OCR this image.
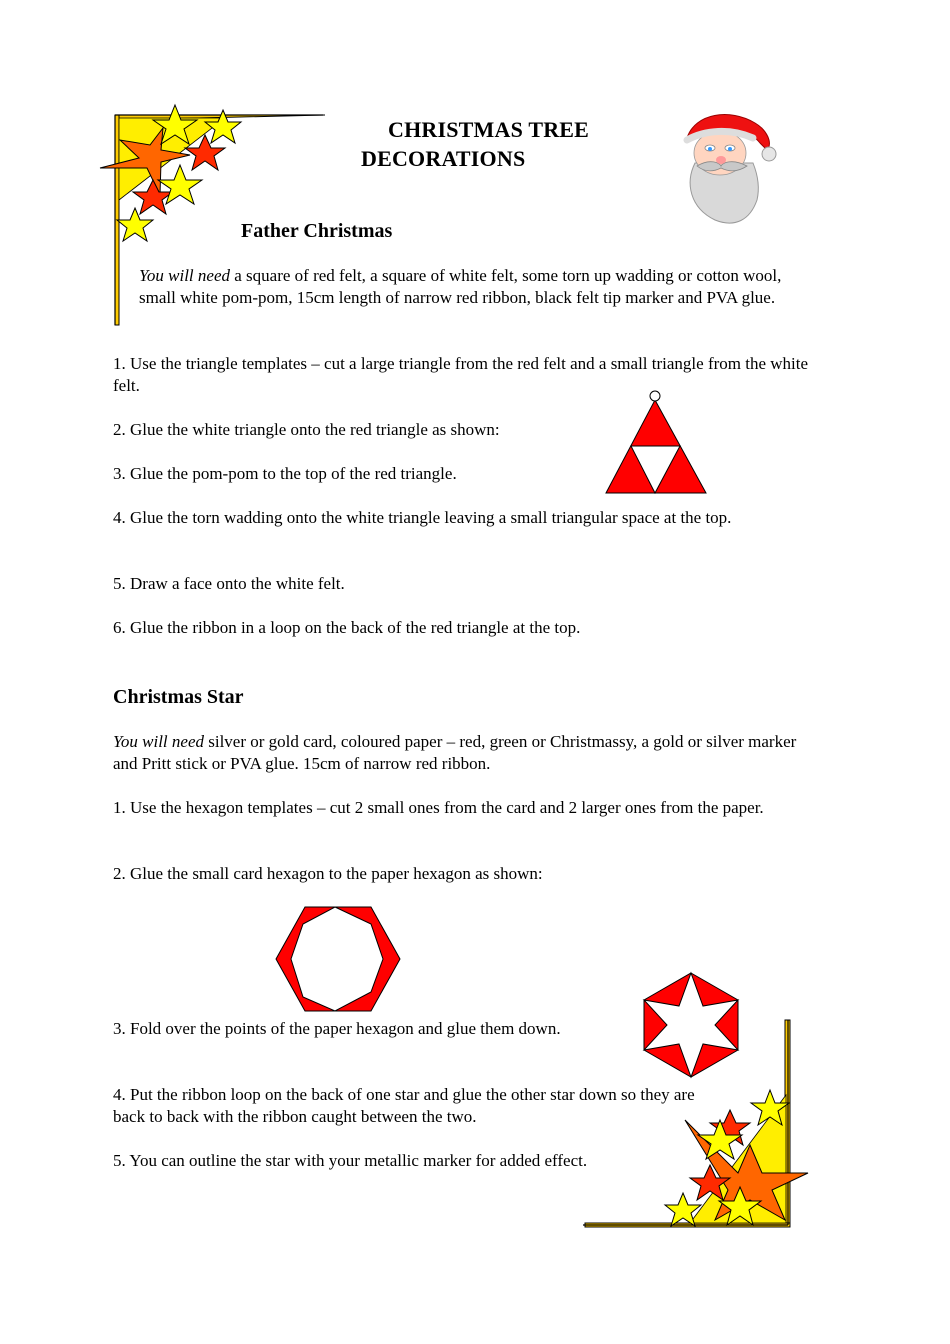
CHRISTMAS TREE
DECORATIONS
Father Christmas

You will need a square of red felt, a square of white felt, some torn up wadding or cotton wool, small white pom-pom, 15cm length of narrow red ribbon, black felt tip marker and PVA glue.

1. Use the triangle templates – cut a large triangle from the red felt and a small triangle from the white felt.

2. Glue the white triangle onto the red triangle as shown:

3. Glue the pom-pom to the top of the red triangle.

4. Glue the torn wadding onto the white triangle leaving a small triangular space at the top.

5. Draw a face onto the white felt.

6. Glue the ribbon in a loop on the back of the red triangle at the top.

Christmas Star

You will need silver or gold card, coloured paper – red, green or Christmassy, a gold or silver marker and Pritt stick or PVA glue. 15cm of narrow red ribbon.

1. Use the hexagon templates – cut 2 small ones from the card and 2 larger ones from the paper.

2. Glue the small card hexagon to the paper hexagon as shown:

3. Fold over the points of the paper hexagon and glue them down.

4. Put the ribbon loop on the back of one star and glue the other star down so they are back to back with the ribbon caught between the two.

5. You can outline the star with your metallic marker for added effect.
